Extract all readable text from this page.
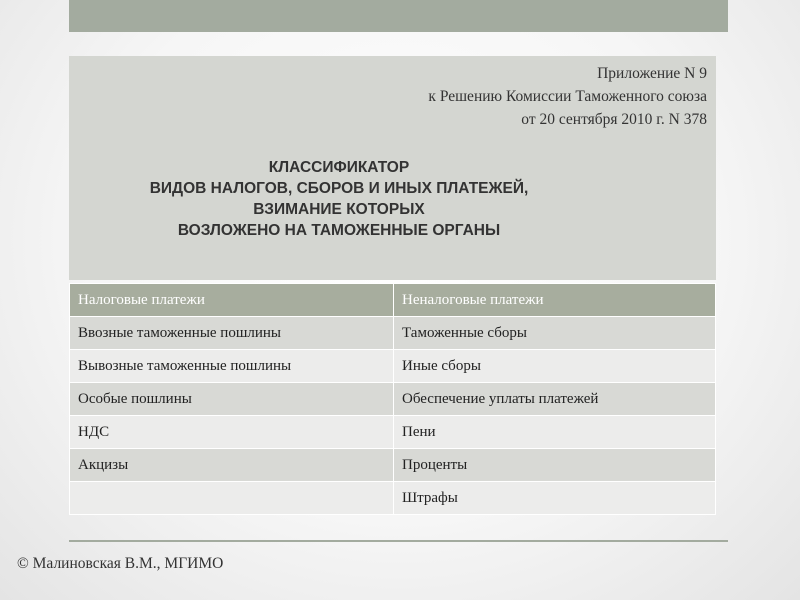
Приложение N 9
к Решению Комиссии Таможенного союза
от 20 сентября 2010 г. N 378
КЛАССИФИКАТОР
ВИДОВ НАЛОГОВ, СБОРОВ И ИНЫХ ПЛАТЕЖЕЙ,
ВЗИМАНИЕ КОТОРЫХ
ВОЗЛОЖЕНО НА ТАМОЖЕННЫЕ ОРГАНЫ
Налоговые платежи	Неналоговые платежи
Ввозные таможенные пошлины	Таможенные сборы
Вывозные таможенные пошлины	Иные сборы
Особые пошлины	Обеспечение уплаты платежей
НДС	Пени
Акцизы	Проценты
	Штрафы
© Малиновская В.М., МГИМО
